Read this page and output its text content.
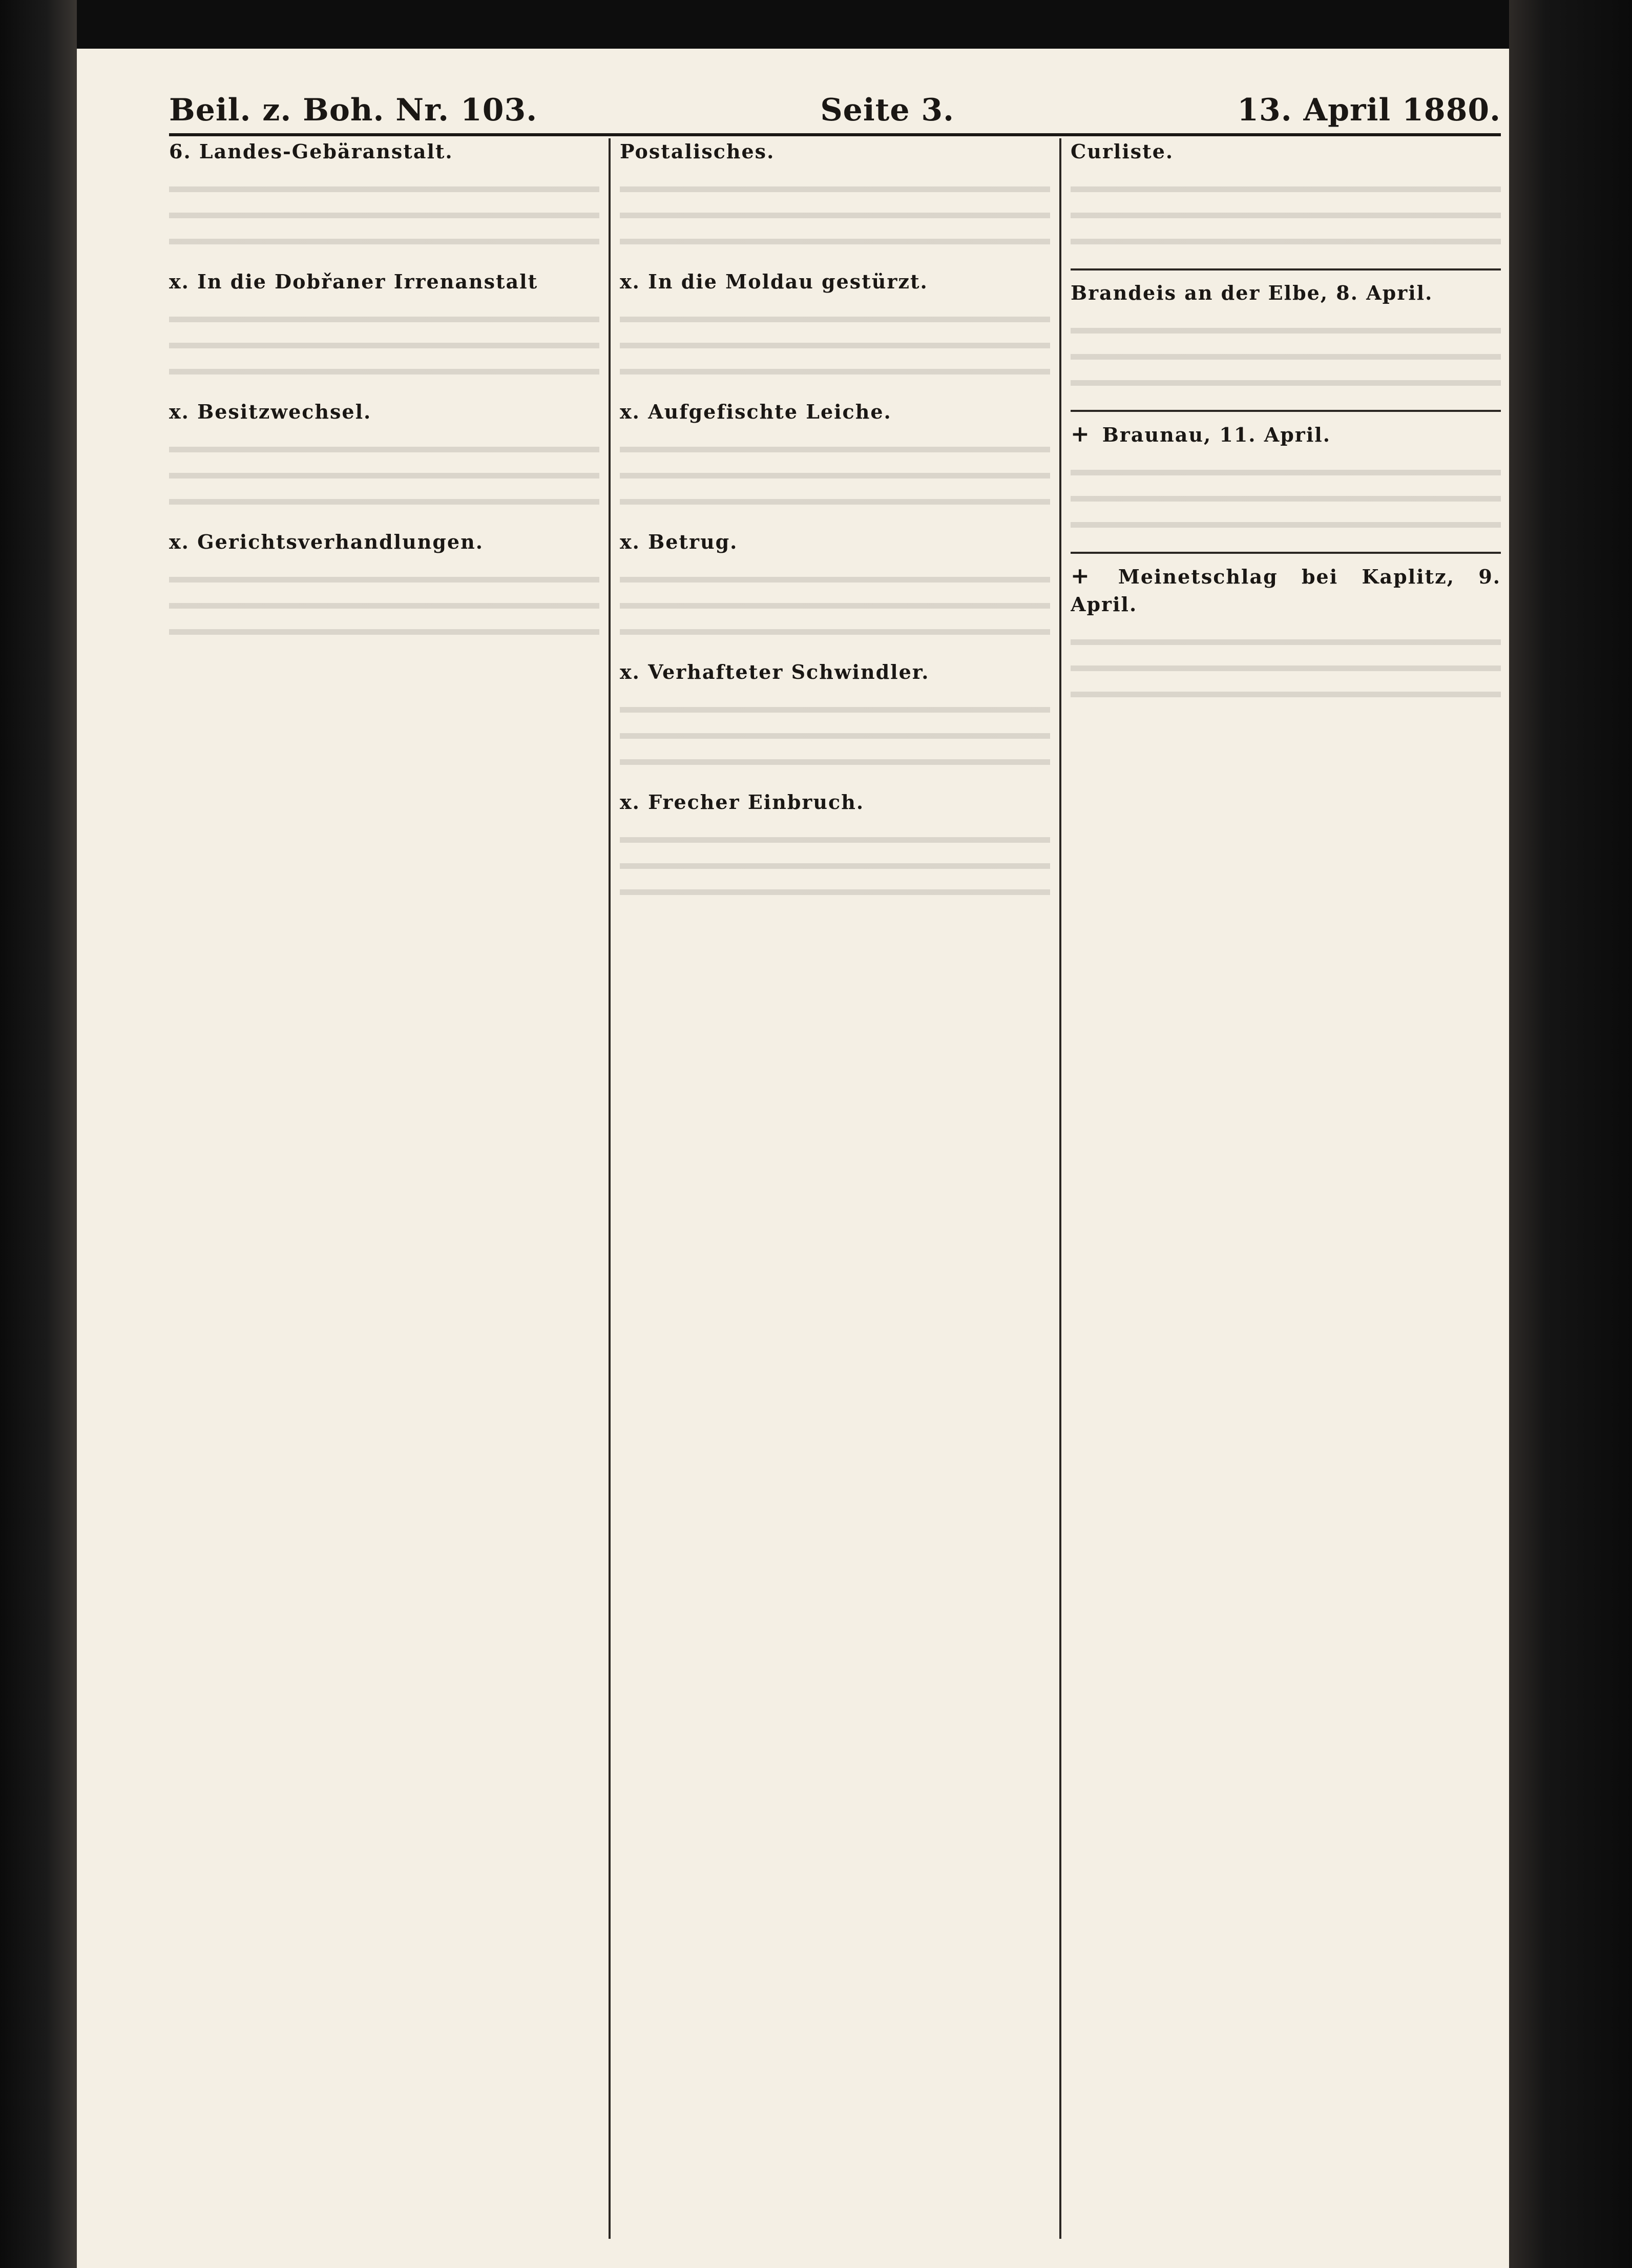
Beil. z. Boh. Nr. 103.	Seite 3.	13. April 1880.
6. Landes-Gebäranstalt.
x. In die Dobřaner Irrenanstalt
x. Besitzwechsel.
x. Gerichtsverhandlungen.
Postalisches.
x. In die Moldau gestürzt.
x. Aufgefischte Leiche.
x. Betrug.
x. Verhafteter Schwindler.
x. Frecher Einbruch.
Curliste.
Brandeis an der Elbe, 8. April.
+ Braunau, 11. April.
+ Meinetschlag bei Kaplitz, 9. April.
